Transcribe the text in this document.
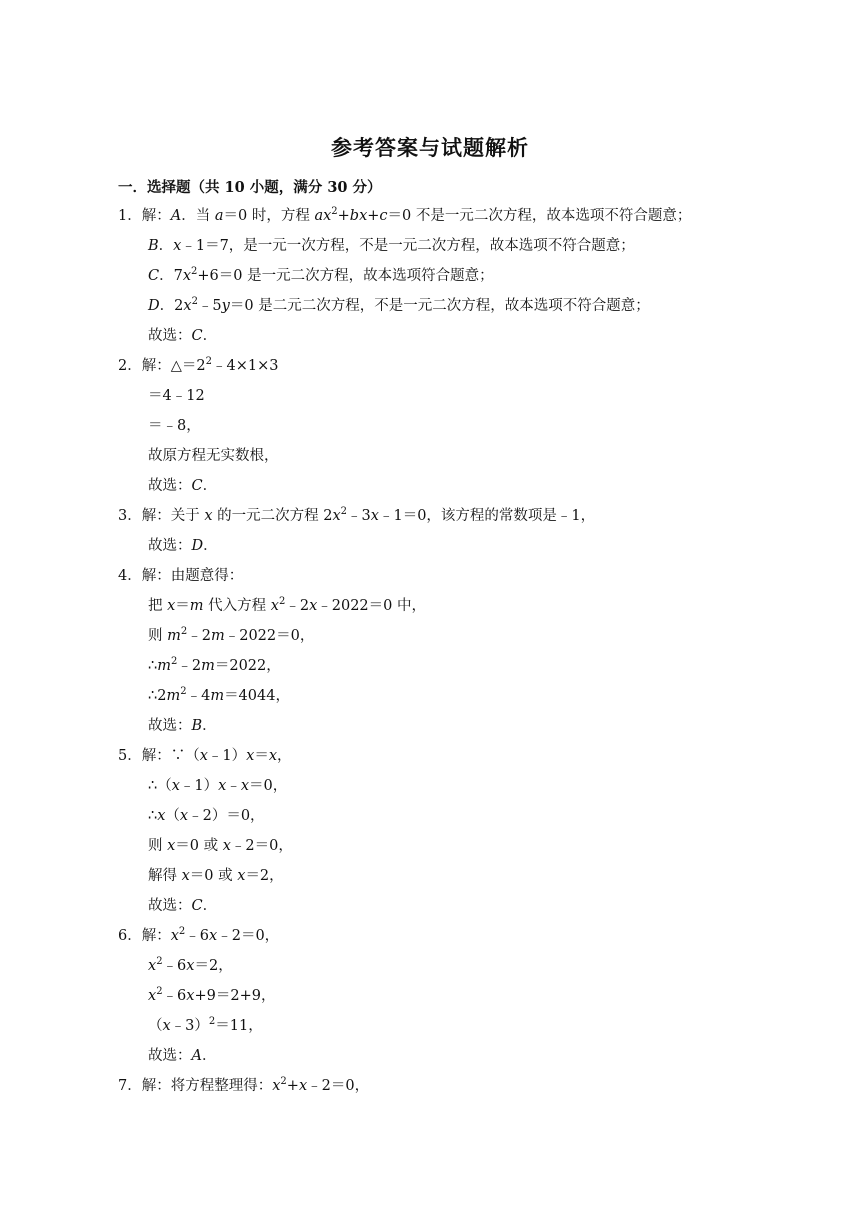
参考答案与试题解析
一．选择题（共 10 小题，满分 30 分）
1．解：A．当 a＝0 时，方程 $ax^2+bx+c=0$ 不是一元二次方程，故本选项不符合题意；
B．x﹣1＝7，是一元一次方程，不是一元二次方程，故本选项不符合题意；
C．$7x^2+6=0$ 是一元二次方程，故本选项符合题意；
D．$2x^2﹣5y=0$ 是二元二次方程，不是一元二次方程，故本选项不符合题意；
故选：C．
2．解：$\triangle=2^2﹣4\times 1\times 3$
＝4﹣12
＝﹣8，
故原方程无实数根，
故选：C．
3．解：关于 x 的一元二次方程 $2x^2﹣3x﹣1=0$，该方程的常数项是﹣1，
故选：D．
4．解：由题意得：
把 x＝m 代入方程 $x^2﹣2x﹣2022=0$ 中，
则 $m^2﹣2m﹣2022=0$，
$\therefore m^2﹣2m=2022$，
$\therefore 2m^2﹣4m=4044$，
故选：B．
5．解：∵（x﹣1）x＝x，
∴（x﹣1）x﹣x＝0，
∴x（x﹣2）＝0，
则 x＝0 或 x﹣2＝0，
解得 x＝0 或 x＝2，
故选：C．
6．解：$x^2﹣6x﹣2=0$，
$x^2﹣6x=2$，
$x^2﹣6x+9=2+9$，
（x﹣3）$^2$＝11，
故选：A．
7．解：将方程整理得：$x^2+x﹣2=0$，
